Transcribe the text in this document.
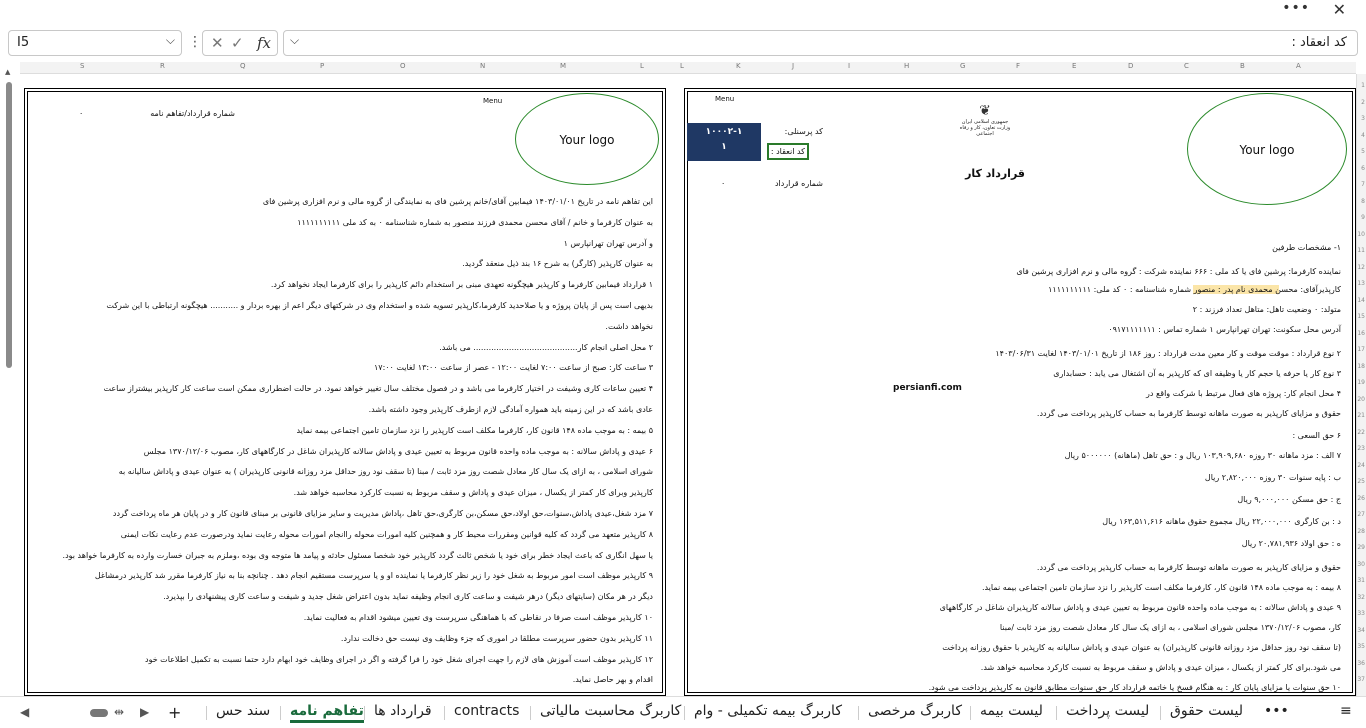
••• ✕
I5	⌵ ⋮ ✕ ✓ fx	کد انعقاد :
⌵
S	R	Q	P	O	N	M	L	L	K	J	I	H	G	F	E	D	C	B	A
1
2
3
4
5
6
7
8
9
10
11
12
13
14
15
16
17
18
19
20
21
22
23
24
25
26
27
28
29
30
31
32
33
34
35
36
37
▲
Your logo
Menu
شماره قرارداد/تفاهم نامه
۰
این تفاهم نامه در تاریخ ۱۴۰۳/۰۱/۰۱ فیمابین آقای/خانم پرشین فای به نمایندگی از گروه مالی و نرم افزاری پرشین فای
به عنوان کارفرما و خانم / آقای محسن محمدی فرزند منصور به شماره شناسنامه ۰ به کد ملی ۱۱۱۱۱۱۱۱۱۱
و آدرس تهران تهرانپارس ۱
به عنوان کارپذیر (کارگر) به شرح ۱۶ بند ذیل منعقد گردید.
۱ قرارداد فیمابین کارفرما و کارپذیر هیچگونه تعهدی مبنی بر استخدام دائم کارپذیر را برای کارفرما ایجاد نخواهد کرد.
بدیهی است پس از پایان پروژه و یا صلاحدید کارفرما،کارپذیر تسویه شده و استخدام وی در شرکتهای دیگر اعم از بهره بردار و ........... هیچگونه ارتباطی با این شرکت
نخواهد داشت.
۲ محل اصلی انجام کار......................................... می باشد.
۳ ساعت کار: صبح از ساعت ۷:۰۰ لغایت ۱۲:۰۰ - عصر از ساعت ۱۳:۰۰ لغایت ۱۷:۰۰
۴ تعیین ساعات کاری وشیفت در اختیار کارفرما می باشد و در فصول مختلف سال تغییر خواهد نمود. در حالت اضطراری ممکن است ساعت کار کارپذیر بیشتراز ساعت
عادی باشد که در این زمینه باید همواره آمادگی لازم ازطرف کارپذیر وجود داشته باشد.
۵ بیمه : به موجب ماده ۱۴۸ قانون کار، کارفرما مکلف است کارپذیر را نزد سازمان تامین اجتماعی بیمه نماید
۶ عیدی و پاداش سالانه : به موجب ماده واحده قانون مربوط به تعیین عیدی و پاداش سالانه کارپذیران شاغل در کارگاههای کار، مصوب ۱۳۷۰/۱۲/۰۶ مجلس
شورای اسلامی ، به ازای یک سال کار معادل شصت روز مزد ثابت / مبنا (تا سقف نود روز حداقل مزد روزانه قانونی کارپذیران ) به عنوان عیدی و پاداش سالیانه به
کارپذیر وبرای کار کمتر از یکسال ، میزان عیدی و پاداش و سقف مربوط به نسبت کارکرد محاسبه خواهد شد.
۷ مزد شغل،عیدی پاداش،سنوات،حق اولاد،حق مسکن،بن کارگری،حق تاهل ،پاداش مدیریت و سایر مزایای قانونی بر مبنای قانون کار و در پایان هر ماه پرداخت گردد
۸ کارپذیر متعهد می گردد که کلیه قوانین ومقررات محیط کار و همچنین کلیه امورات محوله راانجام امورات محوله رعایت نماید ودرصورت عدم رعایت نکات ایمنی
یا سهل انگاری که باعث ایجاد خطر برای خود یا شخص ثالث گردد کارپذیر خود شخصا مسئول حادثه و پیامد ها متوجه وی بوده ،وملزم به جبران خسارت وارده به کارفرما خواهد بود.
۹ کارپذیر موظف است امور مربوط به شغل خود را زیر نظر کارفرما یا نماینده او و یا سرپرست مستقیم انجام دهد . چنانچه بنا به نیاز کارفرما مقرر شد کارپذیر درمشاغل
دیگر در هر مکان (سایتهای دیگر) درهر شیفت و ساعت کاری انجام وظیفه نماید بدون اعتراض شغل جدید و شیفت و ساعت کاری پیشنهادی را بپذیرد.
۱۰ کارپذیر موظف است صرفا در نقاطی که با هماهنگی سرپرست وی تعیین میشود اقدام به فعالیت نماید.
۱۱ کارپذیر بدون حضور سرپرست مطلقا در اموری که جزء وظایف وی نیست حق دخالت ندارد.
۱۲ کارپذیر موظف است آموزش های لازم را جهت اجرای شغل خود را فرا گرفته و اگر در اجرای وظایف خود ابهام دارد حتما نسبت به تکمیل اطلاعات خود
اقدام و بهر حاصل نماید.
Your logo
Menu
❦
جمهوری اسلامی ایران
وزارت تعاون، کار و رفاه اجتماعی
۱۰۰۰۲-۱
۱
کد پرسنلی:
کد انعقاد :
شماره قرارداد
۰
قرارداد کار
persianfi.com
۱- مشخصات طرفین
نماینده کارفرما: پرشین فای یا کد ملی : ۶۶۶ نماینده شرکت : گروه مالی و نرم افزاری پرشین فای
کارپذیرآقای: محسن محمدی نام پدر : منصور شماره شناسنامه : ۰ کد ملی: ۱۱۱۱۱۱۱۱۱۱
متولد: ۰ وضعیت تاهل: متاهل تعداد فرزند : ۲
آدرس محل سکونت: تهران تهرانپارس ۱ شماره تماس : ۰۹۱۷۱۱۱۱۱۱۱
۲ نوع قرارداد : موقت موقت و کار معین مدت قرارداد : روز ۱۸۶ از تاریخ ۱۴۰۳/۰۱/۰۱ لغایت ۱۴۰۳/۰۶/۳۱
۳ نوع کار یا حرفه یا حجم کار یا وظیفه ای که کارپذیر به آن اشتغال می یابد : حسابداری
۴ محل انجام کار: پروژه های فعال مرتبط با شرکت واقع در
حقوق و مزایای کارپذیر به صورت ماهانه توسط کارفرما به حساب کارپذیر پرداخت می گردد.
۶ حق السعی :
۷ الف : مزد ماهانه ۳۰ روزه ۱۰۳,۹۰۹,۶۸۰ ریال و : حق تاهل (ماهانه) ۵۰۰۰۰۰۰ ریال
ب : پایه سنوات ۳۰ روزه ۲,۸۲۰,۰۰۰ ریال
ج : حق مسکن ۹,۰۰۰,۰۰۰ ریال
د : بن کارگری ۲۲,۰۰۰,۰۰۰ ریال مجموع حقوق ماهانه ۱۶۳,۵۱۱,۶۱۶ ریال
ه : حق اولاد ۲۰,۷۸۱,۹۳۶ ریال
حقوق و مزایای کارپذیر به صورت ماهانه توسط کارفرما به حساب کارپذیر پرداخت می گردد.
۸ بیمه : به موجب ماده ۱۴۸ قانون کار، کارفرما مکلف است کارپذیر را نزد سازمان تامین اجتماعی بیمه نماید.
۹ عیدی و پاداش سالانه : به موجب ماده واحده قانون مربوط به تعیین عیدی و پاداش سالانه کارپذیران شاغل در کارگاههای
کار، مصوب ۱۳۷۰/۱۲/۰۶ مجلس شورای اسلامی ، به ازای یک سال کار معادل شصت روز مزد ثابت /مبنا
(تا سقف نود روز حداقل مزد روزانه قانونی کارپذیران) به عنوان عیدی و پاداش سالیانه به کارپذیر با حقوق روزانه پرداخت
می شود.برای کار کمتر از یکسال ، میزان عیدی و پاداش و سقف مربوط به نسبت کارکرد محاسبه خواهد شد.
۱۰ حق سنوات یا مزایای پایان کار : به هنگام فسخ یا خاتمه قرارداد کار حق سنوات مطابق قانون به کارپذیر پرداخت می شود.
◀	⇹ ▶ +	لیست حقوق
لیست پرداخت
لیست بیمه
کاربرگ مرخصی
کاربرگ بیمه تکمیلی - وام
کاربرگ محاسبت مالیاتی
contracts
قرارداد ها
تفاهم نامه
سند حس	•••	≡
